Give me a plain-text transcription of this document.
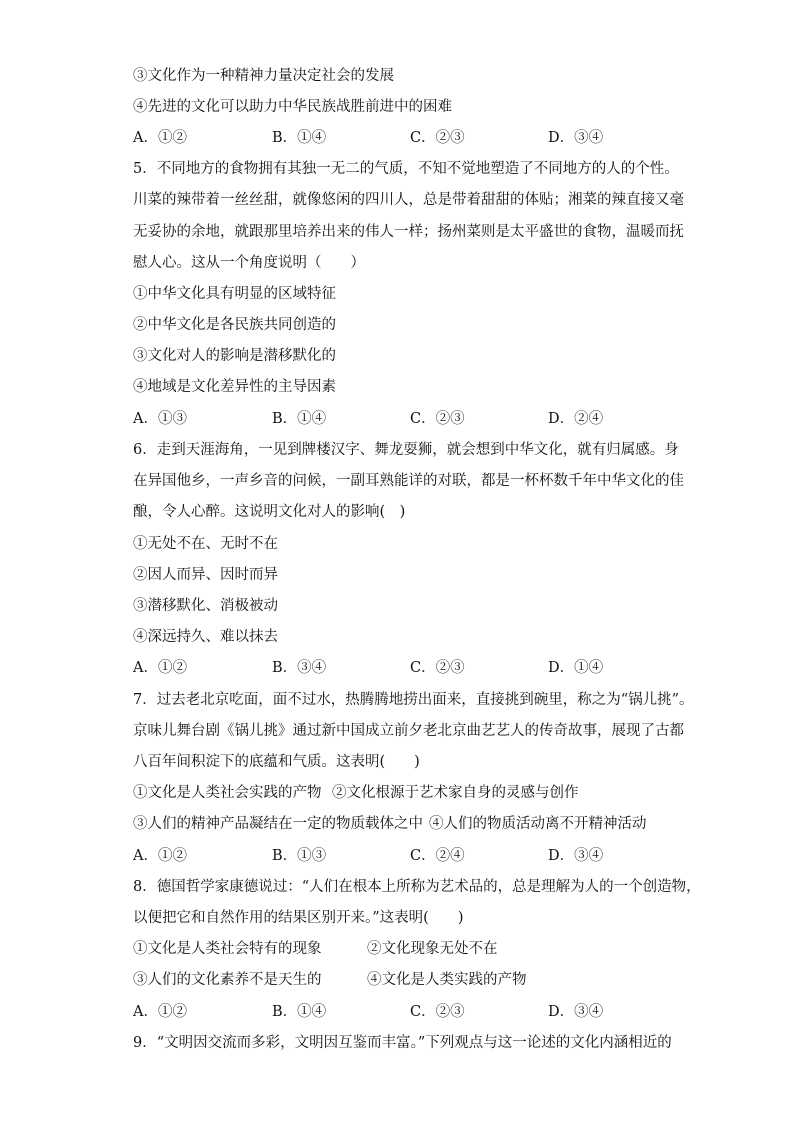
③文化作为一种精神力量决定社会的发展
④先进的文化可以助力中华民族战胜前进中的困难
A．①②	B．①④	C．②③	D．③④
5．不同地方的食物拥有其独一无二的气质，不知不觉地塑造了不同地方的人的个性。
川菜的辣带着一丝丝甜，就像悠闲的四川人，总是带着甜甜的体贴；湘菜的辣直接又毫
无妥协的余地，就跟那里培养出来的伟人一样；扬州菜则是太平盛世的食物，温暖而抚
慰人心。这从一个角度说明（　　）
①中华文化具有明显的区域特征
②中华文化是各民族共同创造的
③文化对人的影响是潜移默化的
④地域是文化差异性的主导因素
A．①③	B．①④	C．②③	D．②④
6．走到天涯海角，一见到牌楼汉字、舞龙耍狮，就会想到中华文化，就有归属感。身
在异国他乡，一声乡音的问候，一副耳熟能详的对联，都是一杯杯数千年中华文化的佳
酿，令人心醉。这说明文化对人的影响(　)
①无处不在、无时不在
②因人而异、因时而异
③潜移默化、消极被动
④深远持久、难以抹去
A．①②	B．③④	C．②③	D．①④
7．过去老北京吃面，面不过水，热腾腾地捞出面来，直接挑到碗里，称之为“锅儿挑”。
京味儿舞台剧《锅儿挑》通过新中国成立前夕老北京曲艺艺人的传奇故事，展现了古都
八百年间积淀下的底蕴和气质。这表明(　　)
①文化是人类社会实践的产物 ②文化根源于艺术家自身的灵感与创作
③人们的精神产品凝结在一定的物质载体之中 ④人们的物质活动离不开精神活动
A．①②	B．①③	C．②④	D．③④
8．德国哲学家康德说过：“人们在根本上所称为艺术品的，总是理解为人的一个创造物，
以便把它和自然作用的结果区别开来。”这表明(　　)
①文化是人类社会特有的现象	②文化现象无处不在
③人们的文化素养不是天生的	④文化是人类实践的产物
A．①②	B．①④	C．②③	D．③④
9．“文明因交流而多彩，文明因互鉴而丰富。”下列观点与这一论述的文化内涵相近的
